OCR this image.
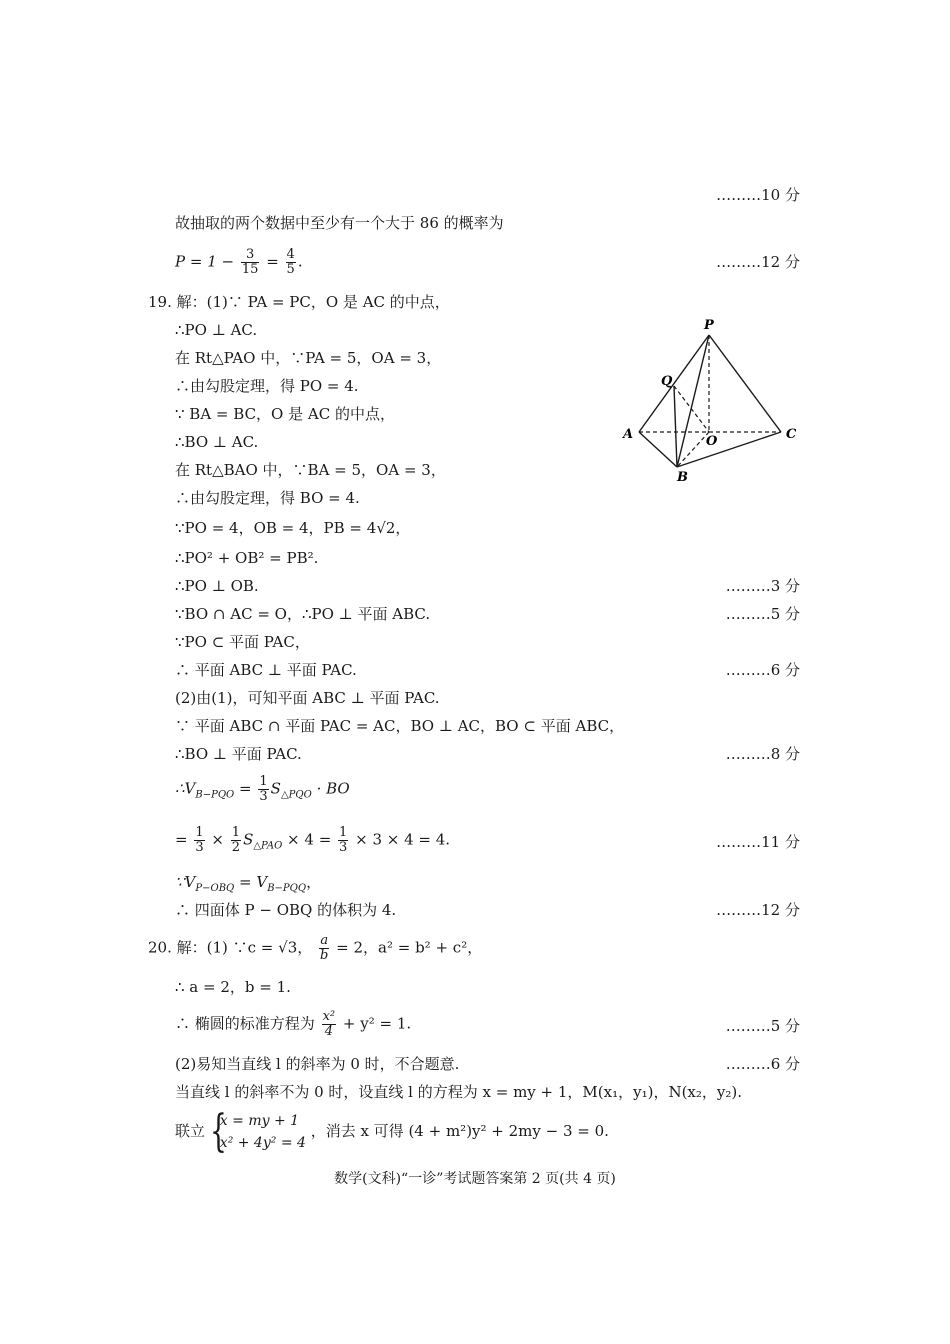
………10 分
故抽取的两个数据中至少有一个大于 86 的概率为
$P = 1 - \frac{3}{15} = \frac{4}{5}$ .	………12 分
19. 解：(1)∵ PA = PC，O 是 AC 的中点，
∴PO ⊥ AC.
在 Rt△PAO 中，∵PA = 5，OA = 3，
∴由勾股定理，得 PO = 4.
∵ BA = BC，O 是 AC 的中点，
∴BO ⊥ AC.
在 Rt△BAO 中，∵BA = 5，OA = 3，
∴由勾股定理，得 BO = 4.
∵PO = 4，OB = 4，PB = 4√2，
∴PO² + OB² = PB².
∴PO ⊥ OB.	………3 分
∵BO ∩ AC = O，∴PO ⊥ 平面 ABC.	………5 分
∵PO ⊂ 平面 PAC，
∴ 平面 ABC ⊥ 平面 PAC.	………6 分
(2)由(1)，可知平面 ABC ⊥ 平面 PAC.
∵ 平面 ABC ∩ 平面 PAC = AC，BO ⊥ AC，BO ⊂ 平面 ABC，
∴BO ⊥ 平面 PAC.	………8 分
$\therefore V_{B-PQO} = \frac{1}{3} S_{\triangle PQO}$ · BO
= $\frac{1}{3} \times \frac{1}{2} S_{\triangle PAO} \times 4 = \frac{1}{3} \times 3 \times 4 = 4$.	………11 分
$\because V_{P-OBQ} = V_{B-PQQ}$，
∴ 四面体 P − OBQ 的体积为 4.	………12 分
P
Q
A	O	C
B
20. 解：(1) ∵c = √3， $\frac{a}{b} = 2$，a² = b² + c²，
∴ a = 2，b = 1.
∴ 椭圆的标准方程为 $\frac{\text{x²}}{4} + y^2 = 1$.	………5 分
(2)易知当直线 l 的斜率为 0 时，不合题意.	………6 分
当直线 l 的斜率不为 0 时，设直线 l 的方程为 x = my + 1，M(x₁，y₁)，N(x₂，y₂).
联立 {
x = my + 1
x² + 4y² = 4
，消去 x 可得 (4 + m²)y² + 2my − 3 = 0.
数学(文科)“一诊”考试题答案第 2 页(共 4 页)
